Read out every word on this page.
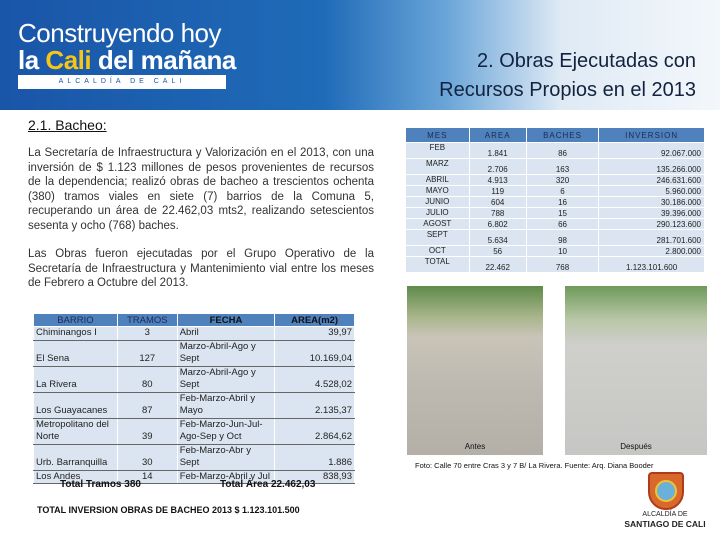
Construyendo hoy
la Cali del mañana
ALCALDÍA DE CALI
2. Obras Ejecutadas con
Recursos Propios en el 2013
2.1. Bacheo:
La Secretaría de Infraestructura y Valorización en el 2013, con una inversión de $ 1.123 millones de pesos provenientes de recursos de la dependencia; realizó obras de bacheo a trescientos ochenta (380) tramos viales en siete (7) barrios de la Comuna 5, recuperando un área de 22.462,03 mts2, realizando setescientos sesenta y ocho (768) baches.
Las Obras fueron ejecutadas por el Grupo Operativo de la Secretaría de Infraestructura y Mantenimiento vial entre los meses de Febrero a Octubre del 2013.
MES	AREA	BACHES	INVERSION
FEB	1.841	86	92.067.000
MARZ	2.706	163	135.266.000
ABRIL	4.913	320	246.631.600
MAYO	119	6	5.960.000
JUNIO	604	16	30.186.000
JULIO	788	15	39.396.000
AGOST	6.802	66	290.123.600
SEPT	5.634	98	281.701.600
OCT	56	10	2.800.000
TOTAL	22.462	768	1.123.101.600
BARRIO	TRAMOS	FECHA	AREA(m2)
Chiminangos I	3	Abril	39,97
El Sena	127	Marzo-Abril-Ago y Sept	10.169,04
La Rivera	80	Marzo-Abril-Ago y Sept	4.528,02
Los Guayacanes	87	Feb-Marzo-Abril y Mayo	2.135,37
Metropolitano del Norte	39	Feb-Marzo-Jun-Jul-Ago-Sep y Oct	2.864,62
Urb. Barranquilla	30	Feb-Marzo-Abr y Sept	1.886
Los Andes	14	Feb-Marzo-Abril y Jul	838,93
Total Tramos 380	Total Área 22.462,03
TOTAL INVERSION OBRAS DE BACHEO 2013 $ 1.123.101.500
Antes	Después
Foto: Calle 70 entre Cras 3 y 7 B/ La Rivera. Fuente: Arq. Diana Booder
ALCALDÍA DE
SANTIAGO DE CALI
